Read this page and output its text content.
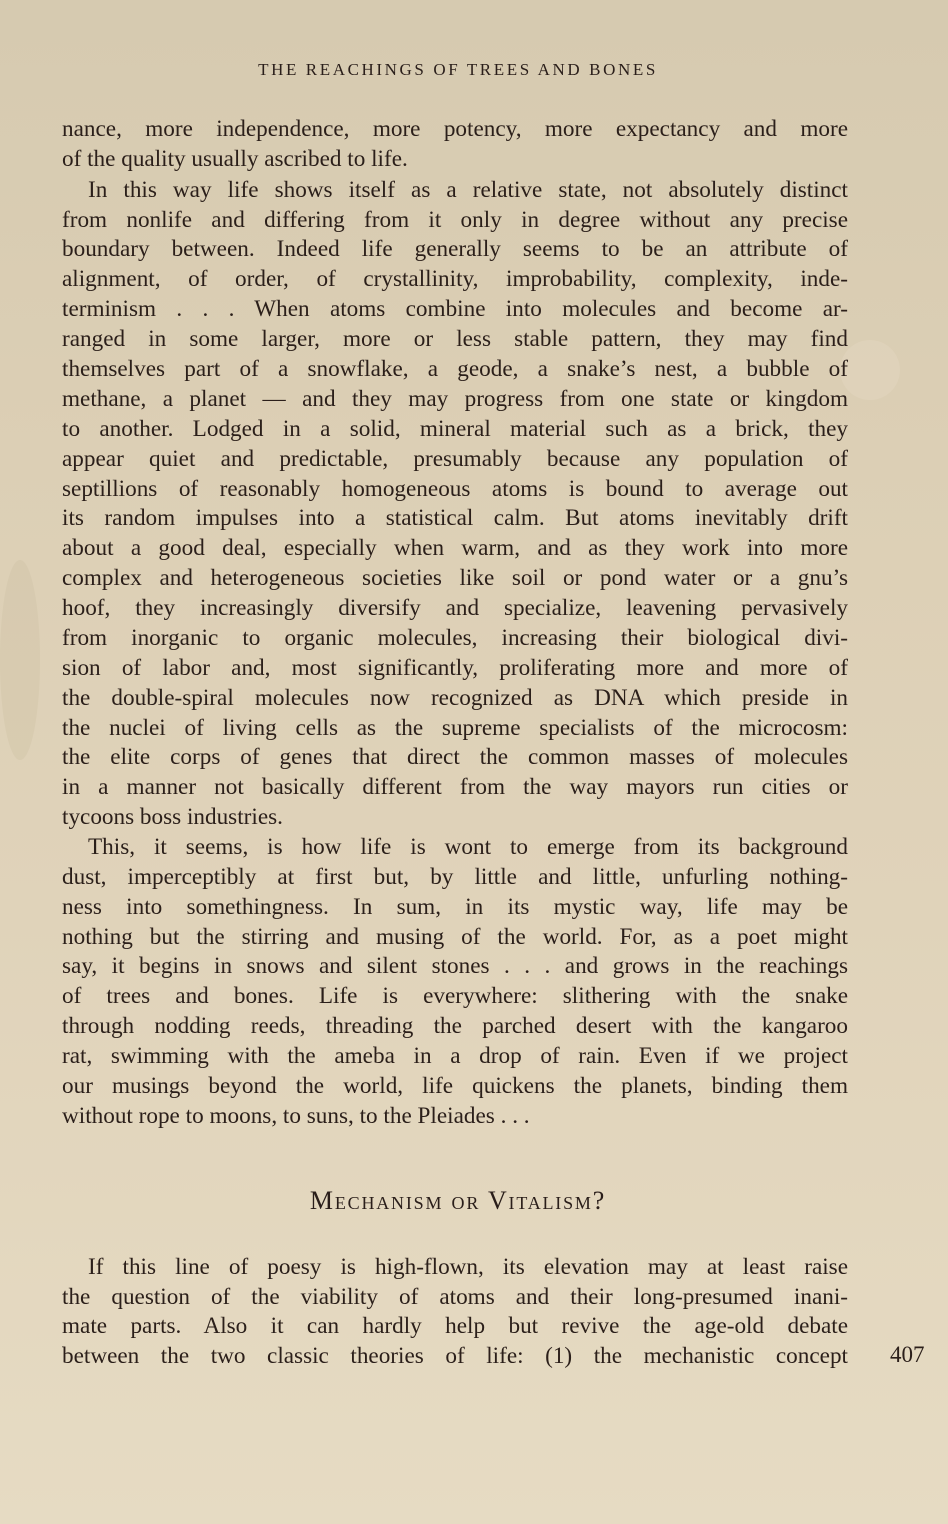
THE REACHINGS OF TREES AND BONES
nance, more independence, more potency, more expectancy and more
of the quality usually ascribed to life.
In this way life shows itself as a relative state, not absolutely distinct
from nonlife and differing from it only in degree without any precise
boundary between. Indeed life generally seems to be an attribute of
alignment, of order, of crystallinity, improbability, complexity, inde-
terminism . . . When atoms combine into molecules and become ar-
ranged in some larger, more or less stable pattern, they may find
themselves part of a snowflake, a geode, a snake’s nest, a bubble of
methane, a planet — and they may progress from one state or kingdom
to another. Lodged in a solid, mineral material such as a brick, they
appear quiet and predictable, presumably because any population of
septillions of reasonably homogeneous atoms is bound to average out
its random impulses into a statistical calm. But atoms inevitably drift
about a good deal, especially when warm, and as they work into more
complex and heterogeneous societies like soil or pond water or a gnu’s
hoof, they increasingly diversify and specialize, leavening pervasively
from inorganic to organic molecules, increasing their biological divi-
sion of labor and, most significantly, proliferating more and more of
the double-spiral molecules now recognized as DNA which preside in
the nuclei of living cells as the supreme specialists of the microcosm:
the elite corps of genes that direct the common masses of molecules
in a manner not basically different from the way mayors run cities or
tycoons boss industries.
This, it seems, is how life is wont to emerge from its background
dust, imperceptibly at first but, by little and little, unfurling nothing-
ness into somethingness. In sum, in its mystic way, life may be
nothing but the stirring and musing of the world. For, as a poet might
say, it begins in snows and silent stones . . . and grows in the reachings
of trees and bones. Life is everywhere: slithering with the snake
through nodding reeds, threading the parched desert with the kangaroo
rat, swimming with the ameba in a drop of rain. Even if we project
our musings beyond the world, life quickens the planets, binding them
without rope to moons, to suns, to the Pleiades . . .
Mechanism or Vitalism?
If this line of poesy is high-flown, its elevation may at least raise
the question of the viability of atoms and their long-presumed inani-
mate parts. Also it can hardly help but revive the age-old debate
between the two classic theories of life: (1) the mechanistic concept 407
